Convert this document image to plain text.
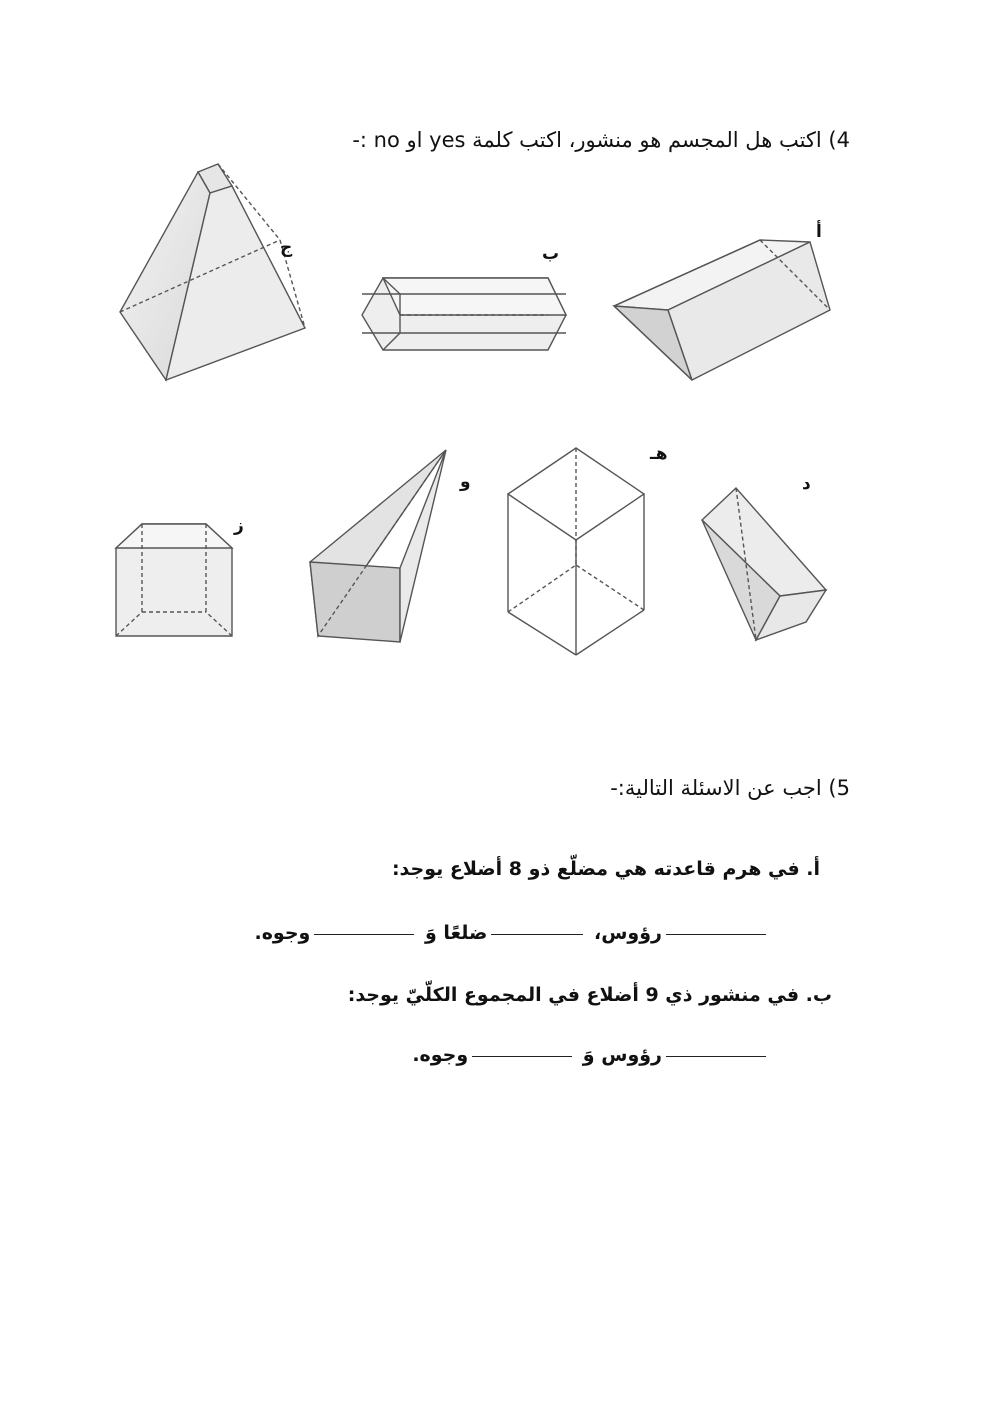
4) اكتب هل المجسم هو منشور، اكتب كلمة yes او no :-
أ
ب
ج
د
هـ
و
ز
5) اجب عن الاسئلة التالية:-
أ. في هرم قاعدته هي مضلّع ذو 8 أضلاع يوجد:
رؤوس، ضلعًا وَ وجوه.
ب. في منشور ذي 9 أضلاع في المجموع الكلّيّ يوجد:
رؤوس وَ وجوه.
